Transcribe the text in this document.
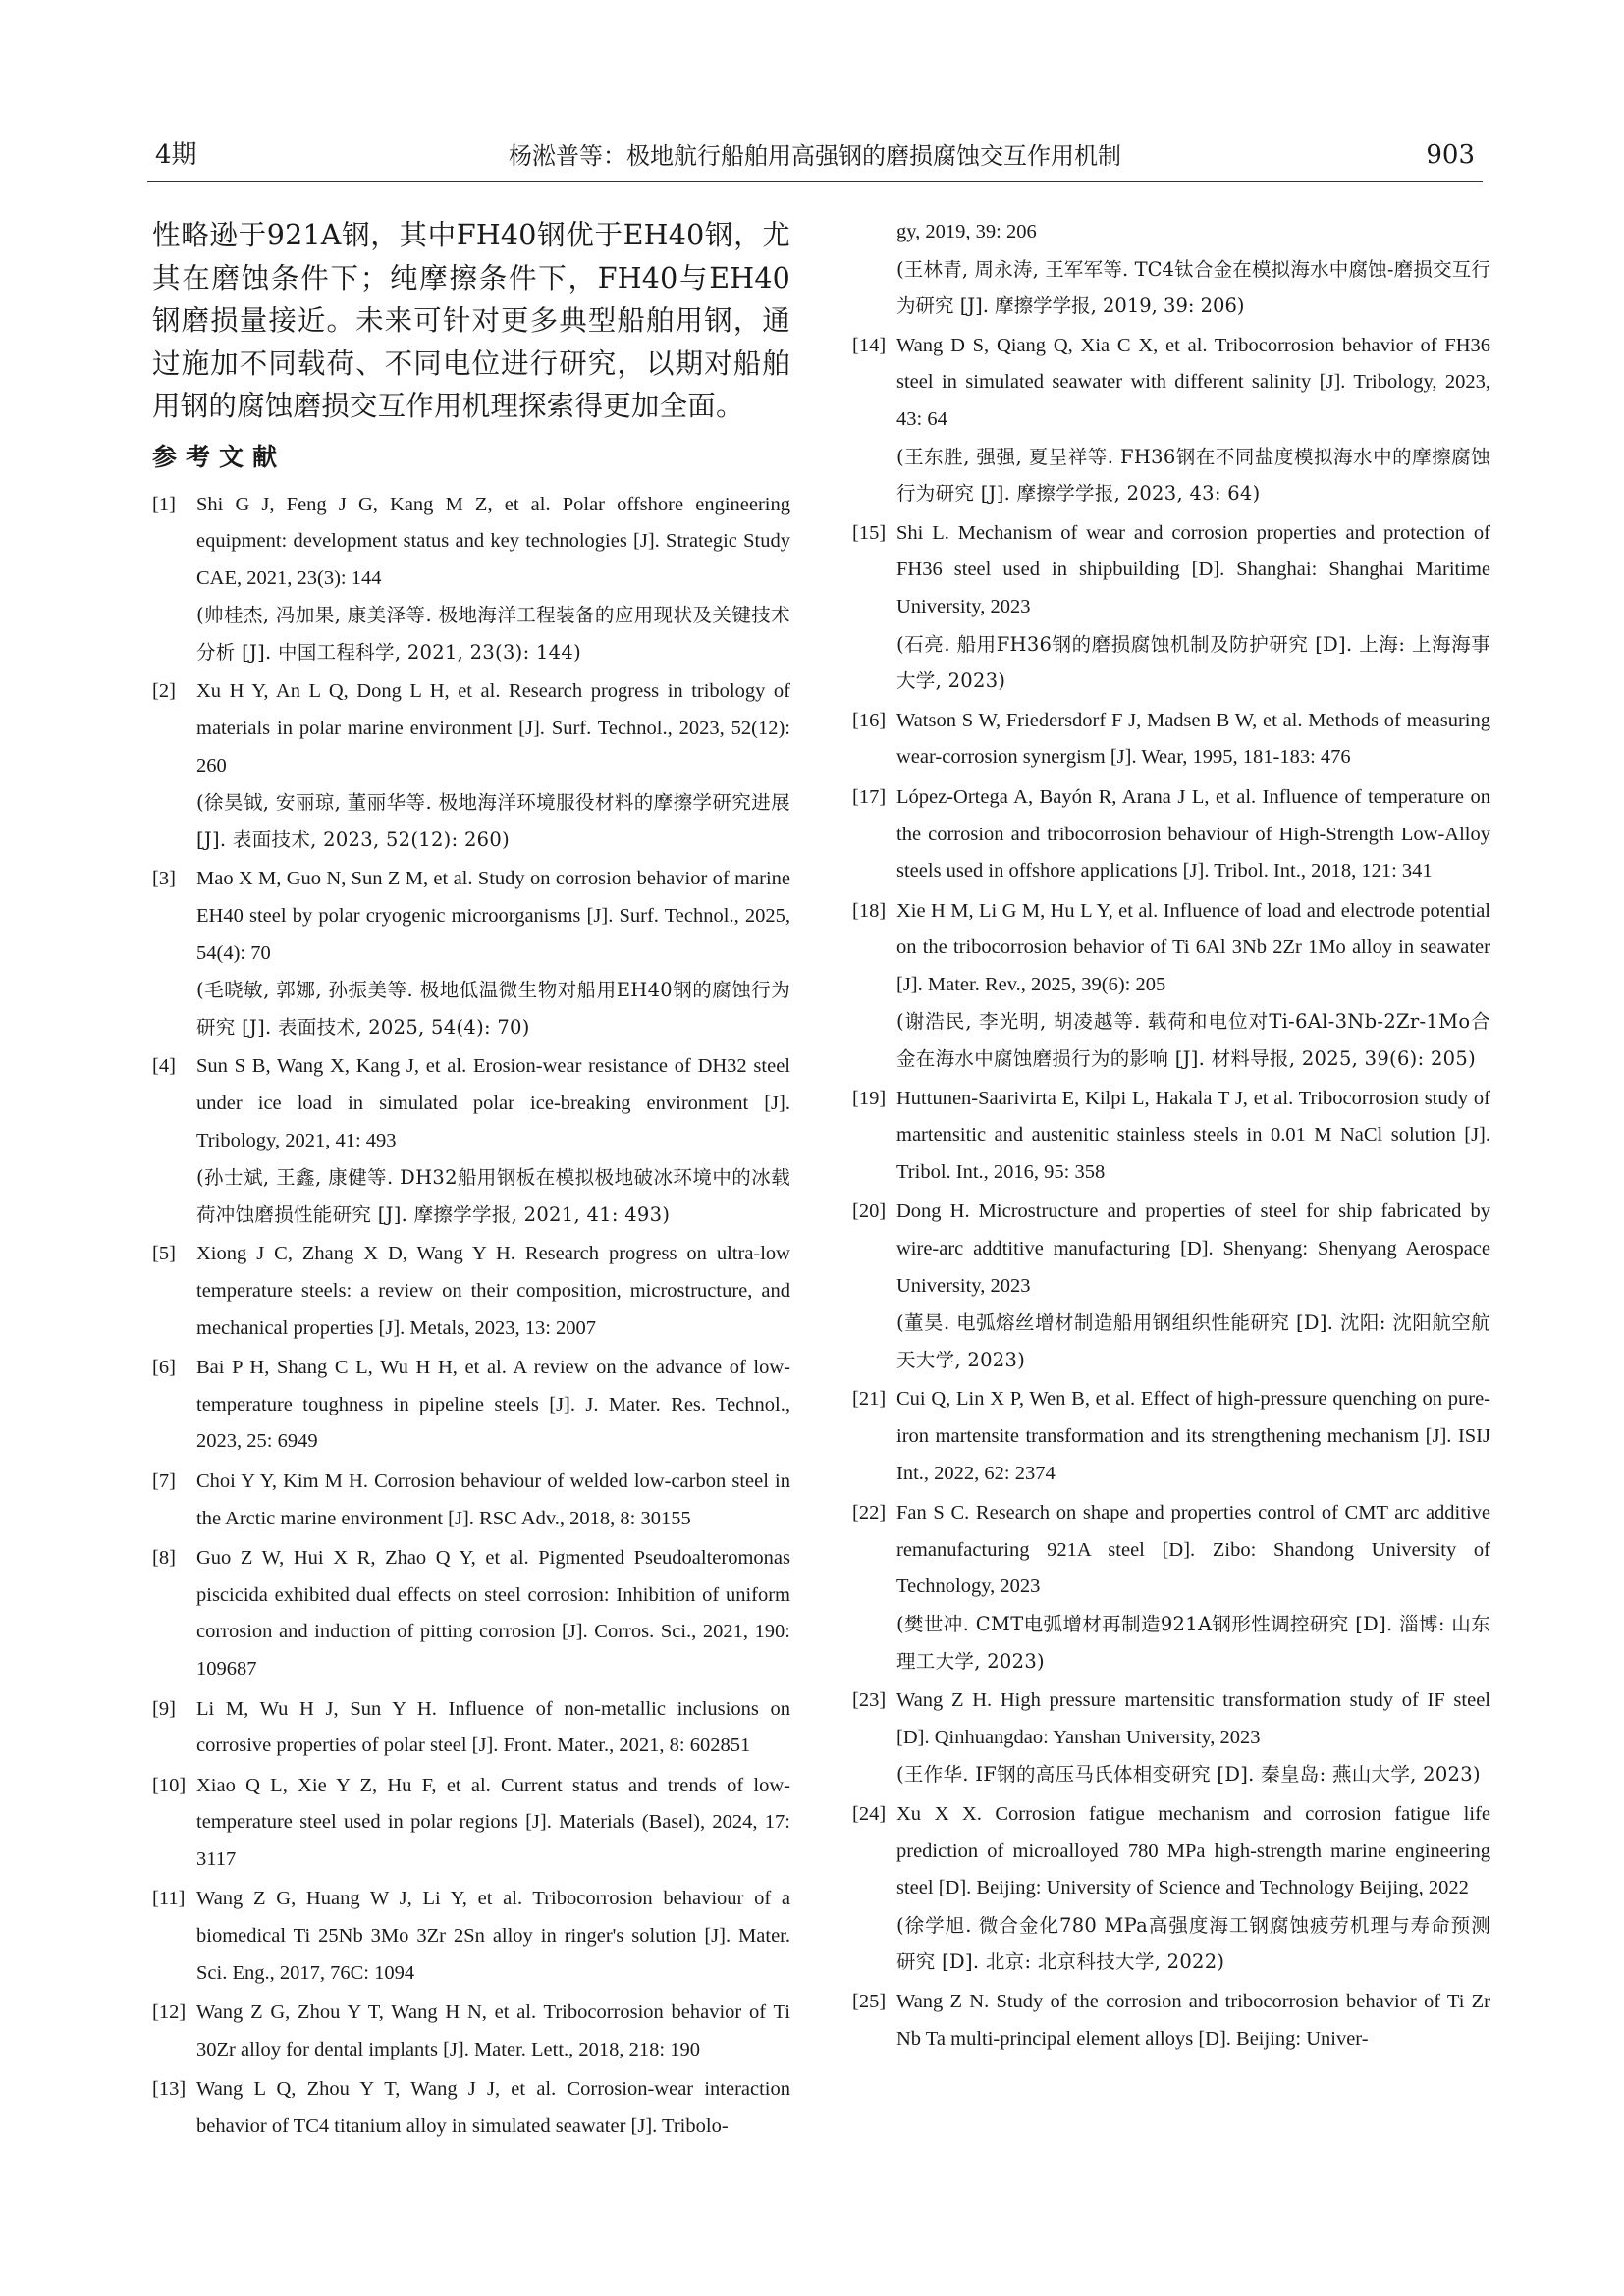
4期	杨淞普等：极地航行船舶用高强钢的磨损腐蚀交互作用机制	903

性略逊于921A钢，其中FH40钢优于EH40钢，尤其在磨蚀条件下；纯摩擦条件下，FH40与EH40钢磨损量接近。未来可针对更多典型船舶用钢，通过施加不同载荷、不同电位进行研究，以期对船舶用钢的腐蚀磨损交互作用机理探索得更加全面。

参考文献
[1] Shi G J, Feng J G, Kang M Z, et al. Polar offshore engineering equipment: development status and key technologies [J]. Strategic Study CAE, 2021, 23(3): 144

(帅桂杰, 冯加果, 康美泽等. 极地海洋工程装备的应用现状及关键技术分析 [J]. 中国工程科学, 2021, 23(3): 144)

[2] Xu H Y, An L Q, Dong L H, et al. Research progress in tribology of materials in polar marine environment [J]. Surf. Technol., 2023, 52(12): 260

(徐昊钺, 安丽琼, 董丽华等. 极地海洋环境服役材料的摩擦学研究进展 [J]. 表面技术, 2023, 52(12): 260)

[3] Mao X M, Guo N, Sun Z M, et al. Study on corrosion behavior of marine EH40 steel by polar cryogenic microorganisms [J]. Surf. Technol., 2025, 54(4): 70

(毛晓敏, 郭娜, 孙振美等. 极地低温微生物对船用EH40钢的腐蚀行为研究 [J]. 表面技术, 2025, 54(4): 70)

[4] Sun S B, Wang X, Kang J, et al. Erosion-wear resistance of DH32 steel under ice load in simulated polar ice-breaking environment [J]. Tribology, 2021, 41: 493

(孙士斌, 王鑫, 康健等. DH32船用钢板在模拟极地破冰环境中的冰载荷冲蚀磨损性能研究 [J]. 摩擦学学报, 2021, 41: 493)

[5] Xiong J C, Zhang X D, Wang Y H. Research progress on ultra-low temperature steels: a review on their composition, microstructure, and mechanical properties [J]. Metals, 2023, 13: 2007

[6] Bai P H, Shang C L, Wu H H, et al. A review on the advance of low-temperature toughness in pipeline steels [J]. J. Mater. Res. Technol., 2023, 25: 6949

[7] Choi Y Y, Kim M H. Corrosion behaviour of welded low-carbon steel in the Arctic marine environment [J]. RSC Adv., 2018, 8: 30155

[8] Guo Z W, Hui X R, Zhao Q Y, et al. Pigmented Pseudoalteromonas piscicida exhibited dual effects on steel corrosion: Inhibition of uniform corrosion and induction of pitting corrosion [J]. Corros. Sci., 2021, 190: 109687

[9] Li M, Wu H J, Sun Y H. Influence of non-metallic inclusions on corrosive properties of polar steel [J]. Front. Mater., 2021, 8: 602851

[10] Xiao Q L, Xie Y Z, Hu F, et al. Current status and trends of low-temperature steel used in polar regions [J]. Materials (Basel), 2024, 17: 3117

[11] Wang Z G, Huang W J, Li Y, et al. Tribocorrosion behaviour of a biomedical Ti 25Nb 3Mo 3Zr 2Sn alloy in ringer's solution [J]. Mater. Sci. Eng., 2017, 76C: 1094

[12] Wang Z G, Zhou Y T, Wang H N, et al. Tribocorrosion behavior of Ti 30Zr alloy for dental implants [J]. Mater. Lett., 2018, 218: 190

[13] Wang L Q, Zhou Y T, Wang J J, et al. Corrosion-wear interaction behavior of TC4 titanium alloy in simulated seawater [J]. Tribolo-

gy, 2019, 39: 206

(王林青, 周永涛, 王军军等. TC4钛合金在模拟海水中腐蚀-磨损交互行为研究 [J]. 摩擦学学报, 2019, 39: 206)

[14] Wang D S, Qiang Q, Xia C X, et al. Tribocorrosion behavior of FH36 steel in simulated seawater with different salinity [J]. Tribology, 2023, 43: 64

(王东胜, 强强, 夏呈祥等. FH36钢在不同盐度模拟海水中的摩擦腐蚀行为研究 [J]. 摩擦学学报, 2023, 43: 64)

[15] Shi L. Mechanism of wear and corrosion properties and protection of FH36 steel used in shipbuilding [D]. Shanghai: Shanghai Maritime University, 2023

(石亮. 船用FH36钢的磨损腐蚀机制及防护研究 [D]. 上海: 上海海事大学, 2023)

[16] Watson S W, Friedersdorf F J, Madsen B W, et al. Methods of measuring wear-corrosion synergism [J]. Wear, 1995, 181-183: 476

[17] López-Ortega A, Bayón R, Arana J L, et al. Influence of temperature on the corrosion and tribocorrosion behaviour of High-Strength Low-Alloy steels used in offshore applications [J]. Tribol. Int., 2018, 121: 341

[18] Xie H M, Li G M, Hu L Y, et al. Influence of load and electrode potential on the tribocorrosion behavior of Ti 6Al 3Nb 2Zr 1Mo alloy in seawater [J]. Mater. Rev., 2025, 39(6): 205

(谢浩民, 李光明, 胡凌越等. 载荷和电位对Ti-6Al-3Nb-2Zr-1Mo合金在海水中腐蚀磨损行为的影响 [J]. 材料导报, 2025, 39(6): 205)

[19] Huttunen-Saarivirta E, Kilpi L, Hakala T J, et al. Tribocorrosion study of martensitic and austenitic stainless steels in 0.01 M NaCl solution [J]. Tribol. Int., 2016, 95: 358

[20] Dong H. Microstructure and properties of steel for ship fabricated by wire-arc addtitive manufacturing [D]. Shenyang: Shenyang Aerospace University, 2023

(董昊. 电弧熔丝增材制造船用钢组织性能研究 [D]. 沈阳: 沈阳航空航天大学, 2023)

[21] Cui Q, Lin X P, Wen B, et al. Effect of high-pressure quenching on pure-iron martensite transformation and its strengthening mechanism [J]. ISIJ Int., 2022, 62: 2374

[22] Fan S C. Research on shape and properties control of CMT arc additive remanufacturing 921A steel [D]. Zibo: Shandong University of Technology, 2023

(樊世冲. CMT电弧增材再制造921A钢形性调控研究 [D]. 淄博: 山东理工大学, 2023)

[23] Wang Z H. High pressure martensitic transformation study of IF steel [D]. Qinhuangdao: Yanshan University, 2023

(王作华. IF钢的高压马氏体相变研究 [D]. 秦皇岛: 燕山大学, 2023)

[24] Xu X X. Corrosion fatigue mechanism and corrosion fatigue life prediction of microalloyed 780 MPa high-strength marine engineering steel [D]. Beijing: University of Science and Technology Beijing, 2022

(徐学旭. 微合金化780 MPa高强度海工钢腐蚀疲劳机理与寿命预测研究 [D]. 北京: 北京科技大学, 2022)

[25] Wang Z N. Study of the corrosion and tribocorrosion behavior of Ti Zr Nb Ta multi-principal element alloys [D]. Beijing: Univer-
